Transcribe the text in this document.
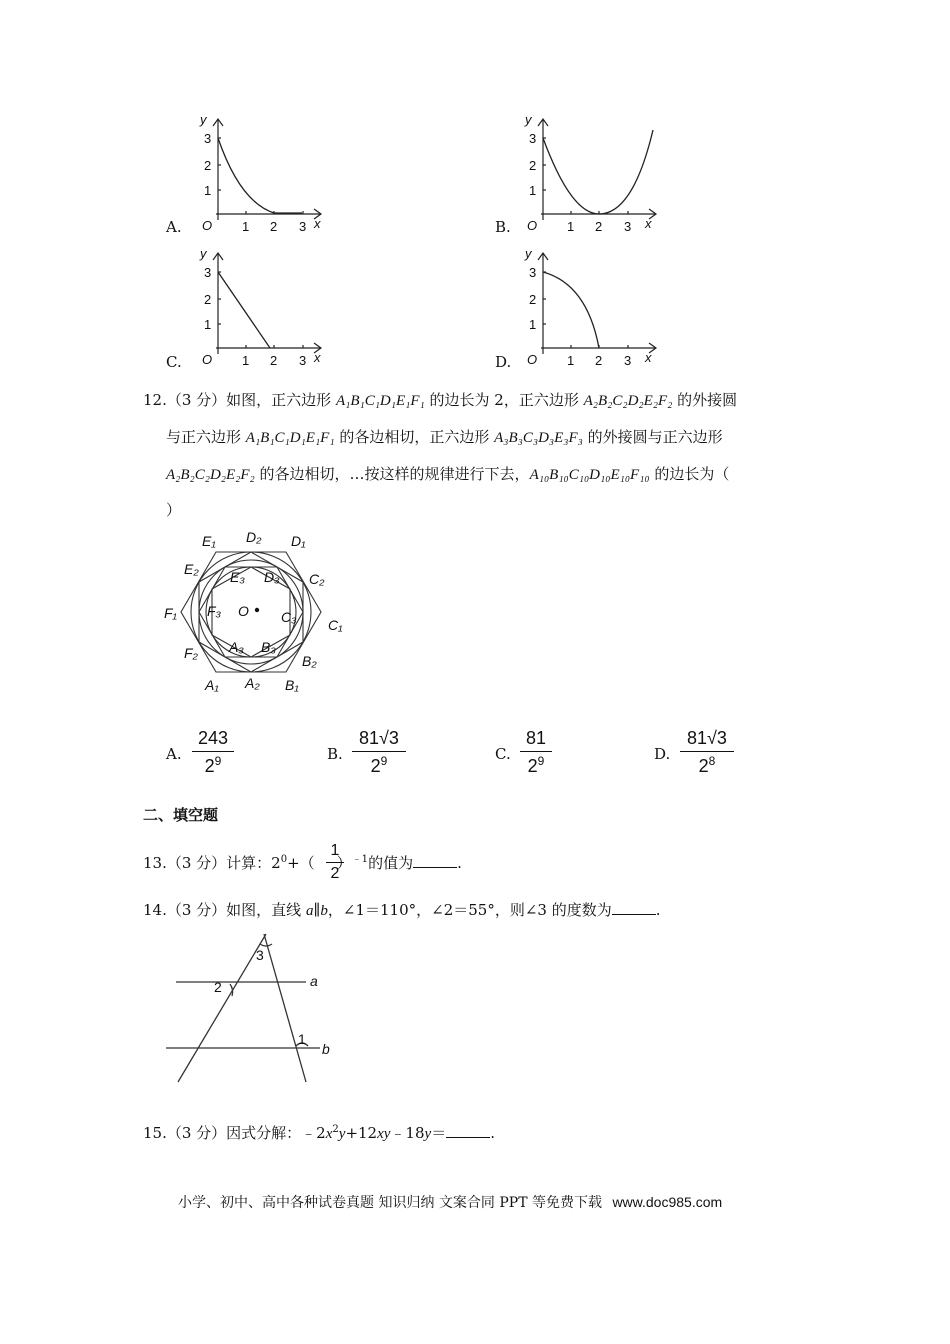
A.	B.
C.	D.
y
x
O 1 2 3
1
2
3
y
x
O 1 2 3
1
2
3
y
x
O 1 2 3
1
2
3
y
x
O 1 2 3
1
2
3
12.（3 分）如图，正六边形 A₁B₁C₁D₁E₁F₁ 的边长为 2，正六边形 A₂B₂C₂D₂E₂F₂ 的外接圆
与正六边形 A₁B₁C₁D₁E₁F₁ 的各边相切，正六边形 A₃B₃C₃D₃E₃F₃ 的外接圆与正六边形
A₂B₂C₂D₂E₂F₂ 的各边相切，…按这样的规律进行下去，A₁₀B₁₀C₁₀D₁₀E₁₀F₁₀ 的边长为（
）
E₁ D₂ D₁
E₂ E₃ D₃ C₂
F₁ F₃ O C₃ C₁
F₂ A₃ B₃
B₂
A₁ A₂ B₁
A.
243
$2^9$	B.
81√3
$2^9$	C.
81
$2^9$	D.
81√3
$2^8$
二、填空题
13.（3 分）计算：$2^0+$（ ）$^{﹣1}$的值为	.
1
2
14.（3 分）如图，直线 a∥b，∠1＝110°，∠2＝55°，则∠3 的度数为	.
3
2
1
a
b
15.（3 分）因式分解：$﹣2x^2y+12xy﹣18y=$	.
小学、初中、高中各种试卷真题 知识归纳 文案合同 PPT 等免费下载 www.doc985.com
